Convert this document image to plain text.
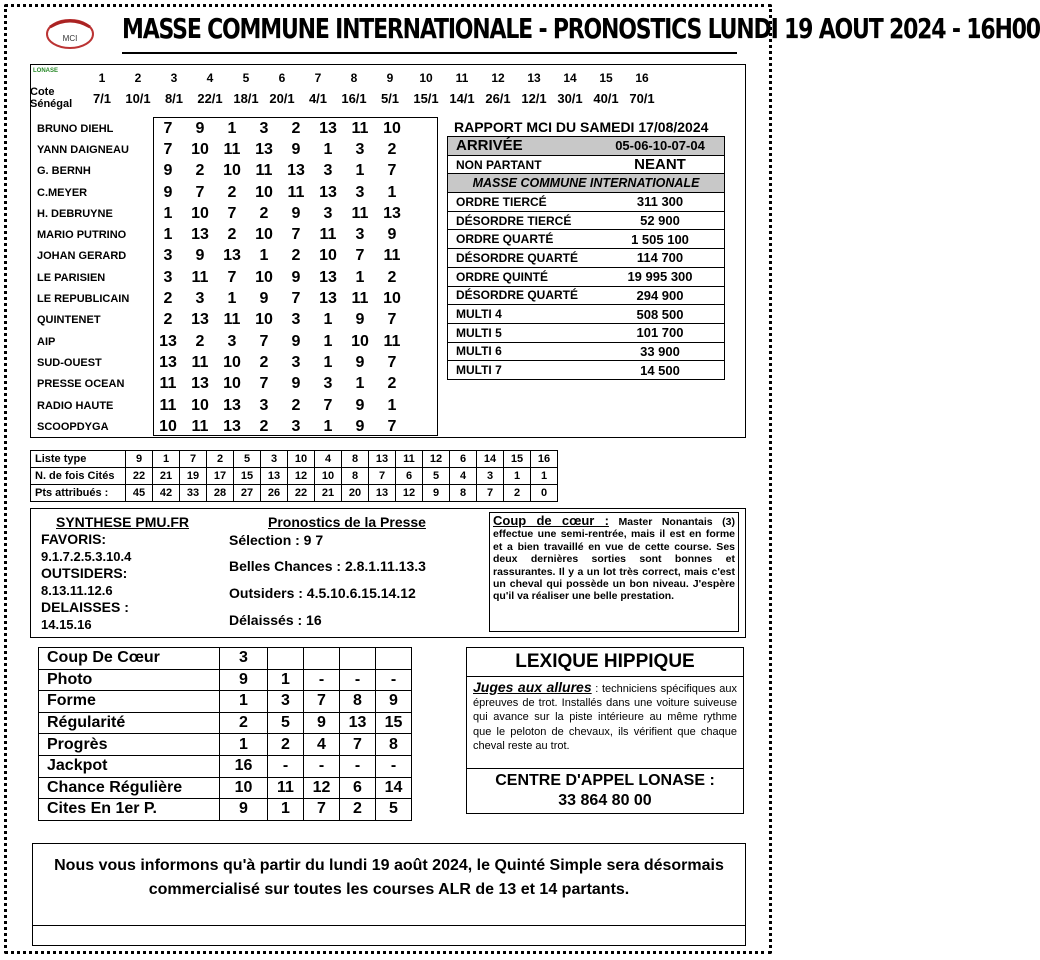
MCI MASSE COMMUNE INTERNATIONALE - PRONOSTICS LUNDI 19 AOUT 2024 - 16H00
LONASE
		1	2	3	4	5	6	7	8	9	10	11	12	13	14	15	16
Cote
Sénégal	7/1	10/1	8/1	22/1	18/1	20/1	4/1	16/1	5/1	15/1	14/1	26/1	12/1	30/1	40/1	70/1
BRUNO DIEHL	7	9	1	3	2	13	11	10
YANN DAIGNEAU	7	10	11	13	9	1	3	2
G. BERNH	9	2	10	11	13	3	1	7
C.MEYER	9	7	2	10	11	13	3	1
H. DEBRUYNE	1	10	7	2	9	3	11	13
MARIO PUTRINO	1	13	2	10	7	11	3	9
JOHAN GERARD	3	9	13	1	2	10	7	11
LE PARISIEN	3	11	7	10	9	13	1	2
LE REPUBLICAIN	2	3	1	9	7	13	11	10
QUINTENET	2	13	11	10	3	1	9	7
AIP	13	2	3	7	9	1	10	11
SUD-OUEST	13	11	10	2	3	1	9	7
PRESSE OCEAN	11	13	10	7	9	3	1	2
RADIO HAUTE	11	10	13	3	2	7	9	1
SCOOPDYGA	10	11	13	2	3	1	9	7
RAPPORT MCI DU SAMEDI 17/08/2024
ARRIVÉE	05-06-10-07-04
NON PARTANT	NEANT
MASSE COMMUNE INTERNATIONALE	
ORDRE TIERCÉ	311 300
DÉSORDRE TIERCÉ	52 900
ORDRE QUARTÉ	1 505 100
DÉSORDRE QUARTÉ	114 700
ORDRE QUINTÉ	19 995 300
DÉSORDRE QUARTÉ	294 900
MULTI 4	508 500
MULTI 5	101 700
MULTI 6	33 900
MULTI 7	14 500
Liste type	9	1	7	2	5	3	10	4	8	13	11	12	6	14	15	16
N. de fois Cités	22	21	19	17	15	13	12	10	8	7	6	5	4	3	1	1
Pts attribués :	45	42	33	28	27	26	22	21	20	13	12	9	8	7	2	0
SYNTHESE PMU.FR
FAVORIS:
9.1.7.2.5.3.10.4
OUTSIDERS:
8.13.11.12.6
DELAISSES :
14.15.16
Pronostics de la Presse
Sélection : 9 7
Belles Chances : 2.8.1.11.13.3
Outsiders : 4.5.10.6.15.14.12
Délaissés : 16
Coup de cœur : Master Nonantais (3) effectue une semi-rentrée, mais il est en forme et a bien travaillé en vue de cette course. Ses deux dernières sorties sont bonnes et rassurantes. Il y a un lot très correct, mais c'est un cheval qui possède un bon niveau. J'espère qu'il va réaliser une belle prestation.
Coup De Cœur	3				
Photo	9	1	-	-	-
Forme	1	3	7	8	9
Régularité	2	5	9	13	15
Progrès	1	2	4	7	8
Jackpot	16	-	-	-	-
Chance Régulière	10	11	12	6	14
Cites En 1er P.	9	1	7	2	5
LEXIQUE HIPPIQUE
Juges aux allures : techniciens spécifiques aux épreuves de trot. Installés dans une voiture suiveuse qui avance sur la piste intérieure au même rythme que le peloton de chevaux, ils vérifient que chaque cheval reste au trot.
CENTRE D'APPEL LONASE :
33 864 80 00
Nous vous informons qu'à partir du lundi 19 août 2024, le Quinté Simple sera désormais commercialisé sur toutes les courses ALR de 13 et 14 partants.
